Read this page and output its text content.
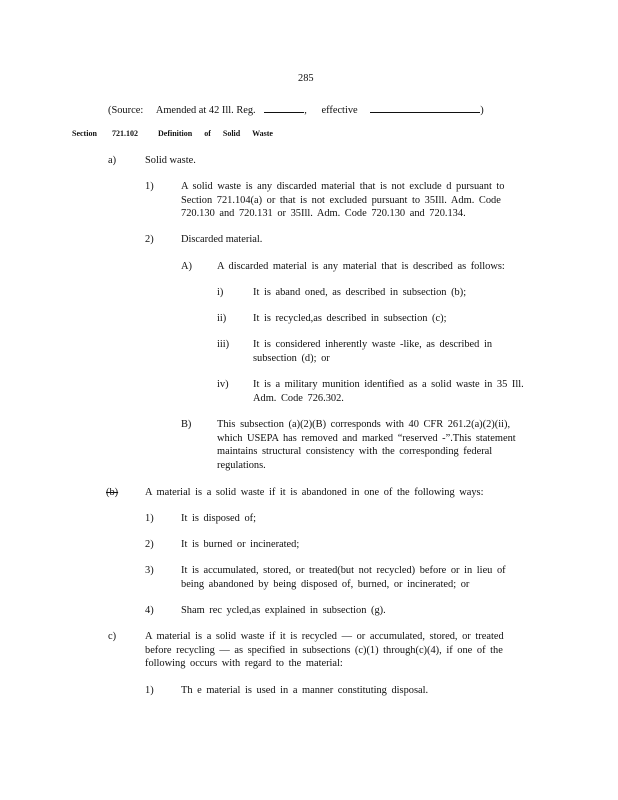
285
(Source: Amended at 42 Ill. Reg.	, effective	)
Section 721.102	Definition of Solid Waste
a)	Solid waste.
1)	A solid waste is any discarded material that is not exclude d pursuant to Section 721.104(a) or that is not excluded pursuant to 35Ill. Adm. Code 720.130 and 720.131 or 35Ill. Adm. Code 720.130 and 720.134.
2)	Discarded material.
A) A discarded material is any material that is described as follows:
i)	It is aband oned, as described in subsection (b);
ii)	It is recycled,as described in subsection (c);
iii) It is considered inherently waste -like, as described in subsection (d); or
iv) It is a military munition identified as a solid waste in 35 Ill. Adm. Code 726.302.
B) This subsection (a)(2)(B) corresponds with 40 CFR 261.2(a)(2)(ii), which USEPA has removed and marked “reserved -”.This statement maintains structural consistency with the corresponding federal regulations.
(b)	A material is a solid waste if it is abandoned in one of the following ways:
1)	It is disposed of;
2)	It is burned or incinerated;
3)	It is accumulated, stored, or treated(but not recycled) before or in lieu of being abandoned by being disposed of, burned, or incinerated; or
4)	Sham rec ycled,as explained in subsection (g).
c)	A material is a solid waste if it is recycled — or accumulated, stored, or treated before recycling — as specified in subsections (c)(1) through(c)(4), if one of the following occurs with regard to the material:
1)	Th e material is used in a manner constituting disposal.
